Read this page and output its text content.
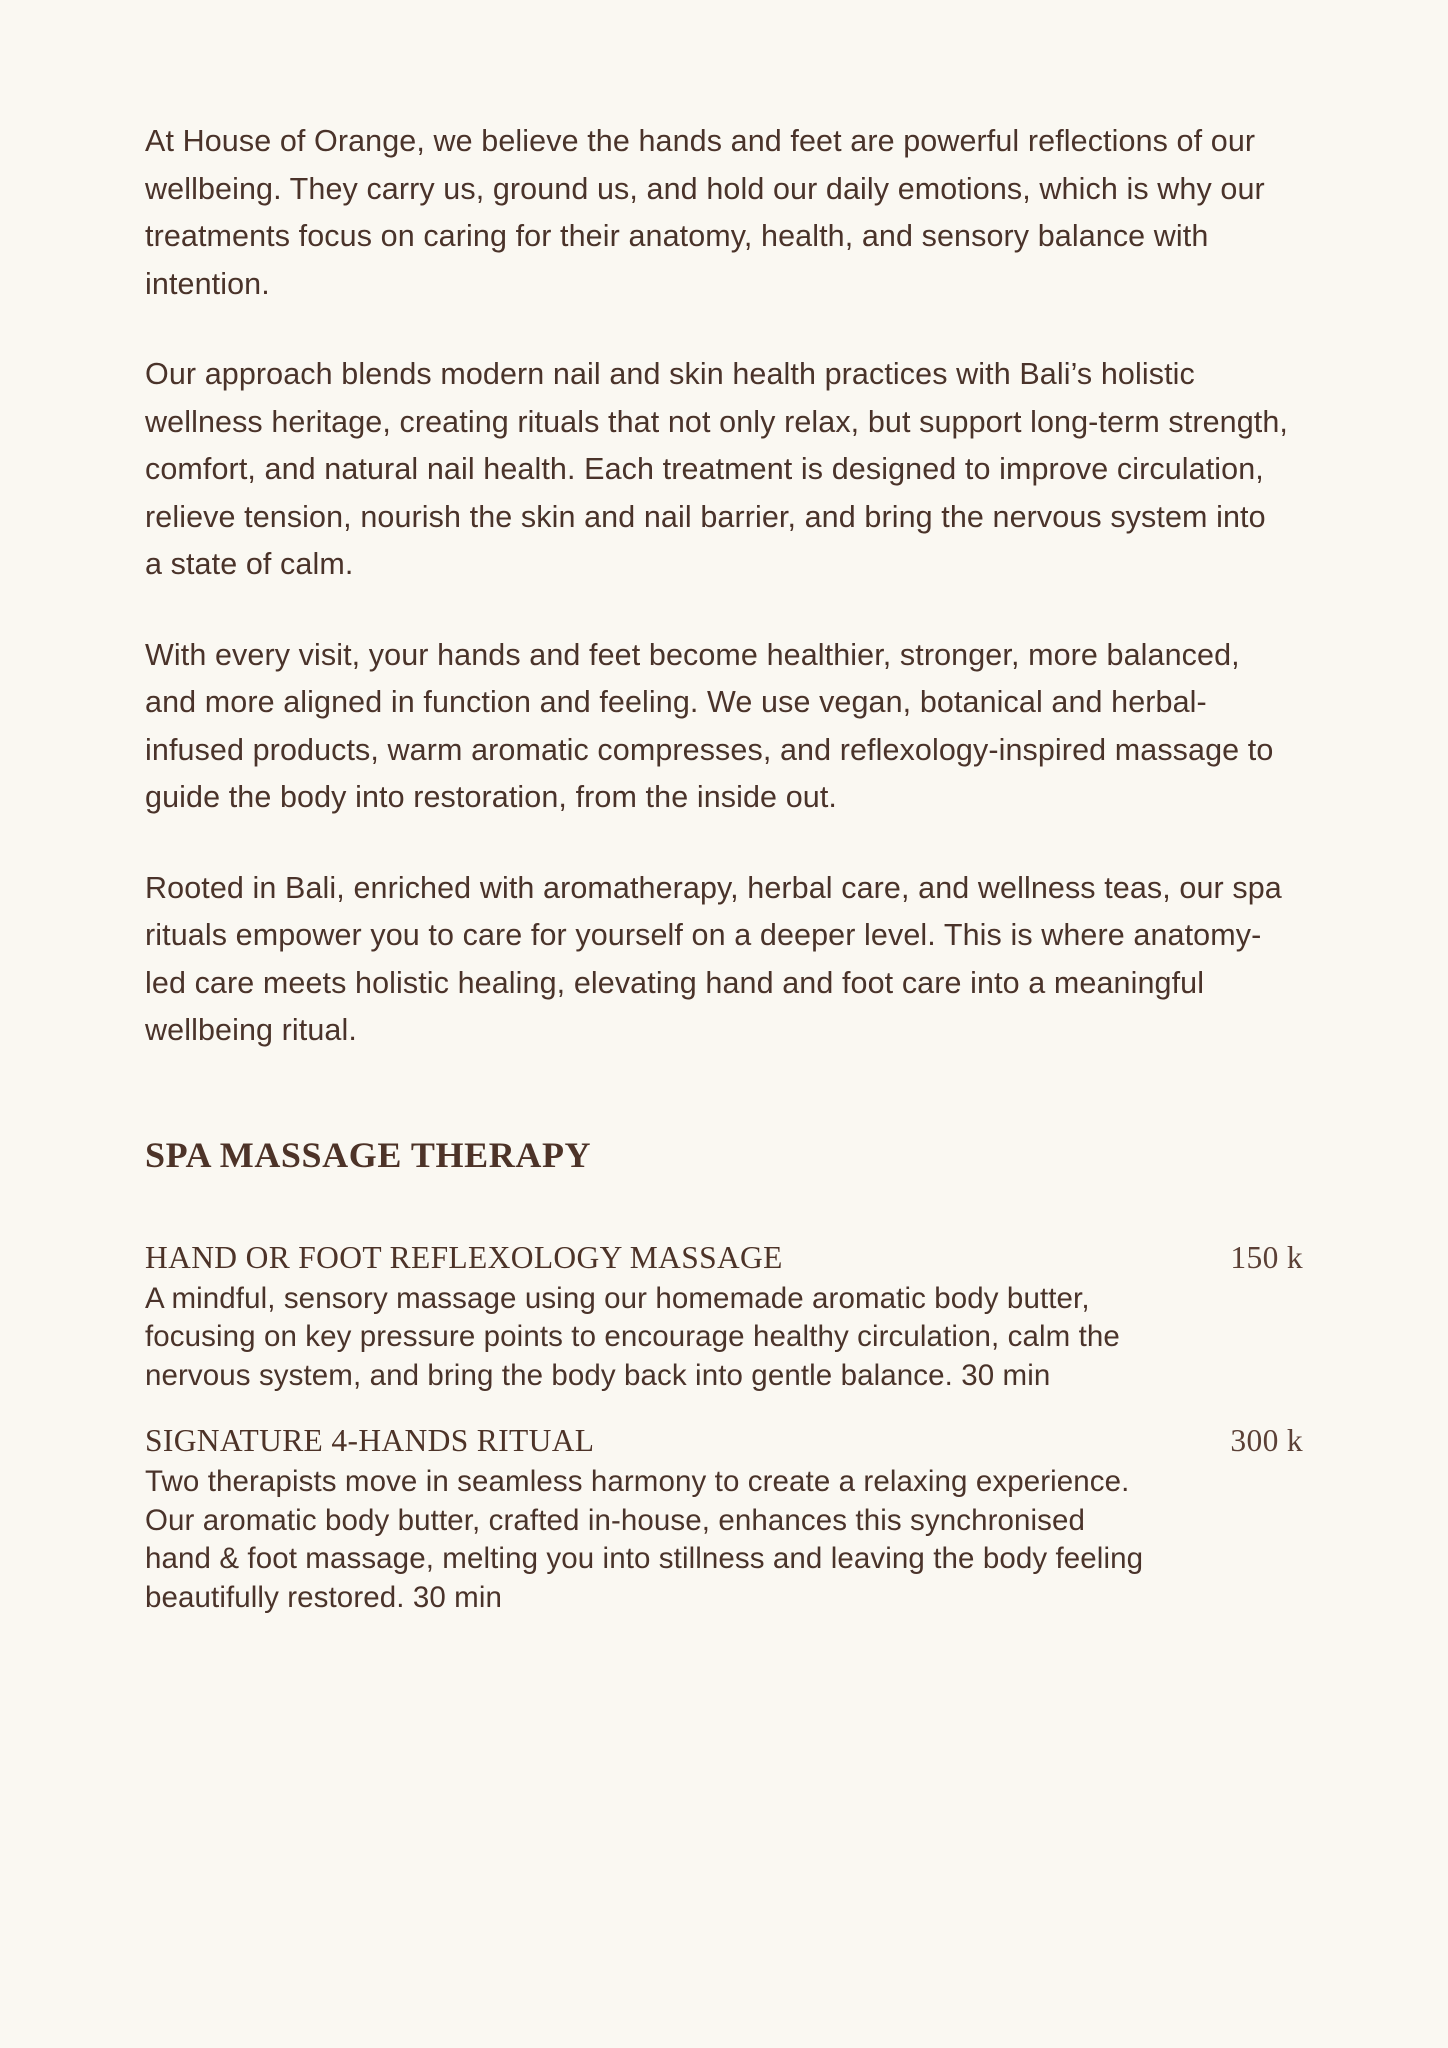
At House of Orange, we believe the hands and feet are powerful reflections of our wellbeing. They carry us, ground us, and hold our daily emotions, which is why our treatments focus on caring for their anatomy, health, and sensory balance with intention.

Our approach blends modern nail and skin health practices with Bali’s holistic wellness heritage, creating rituals that not only relax, but support long-term strength, comfort, and natural nail health. Each treatment is designed to improve circulation, relieve tension, nourish the skin and nail barrier, and bring the nervous system into a state of calm.

With every visit, your hands and feet become healthier, stronger, more balanced, and more aligned in function and feeling. We use vegan, botanical and herbal-infused products, warm aromatic compresses, and reflexology-inspired massage to guide the body into restoration, from the inside out.

Rooted in Bali, enriched with aromatherapy, herbal care, and wellness teas, our spa rituals empower you to care for yourself on a deeper level. This is where anatomy-led care meets holistic healing, elevating hand and foot care into a meaningful wellbeing ritual.

SPA MASSAGE THERAPY
HAND OR FOOT REFLEXOLOGY MASSAGE	150 k
A mindful, sensory massage using our homemade aromatic body butter, focusing on key pressure points to encourage healthy circulation, calm the nervous system, and bring the body back into gentle balance. 30 min
SIGNATURE 4-HANDS RITUAL	300 k
Two therapists move in seamless harmony to create a relaxing experience. Our aromatic body butter, crafted in-house, enhances this synchronised hand & foot massage, melting you into stillness and leaving the body feeling beautifully restored. 30 min
